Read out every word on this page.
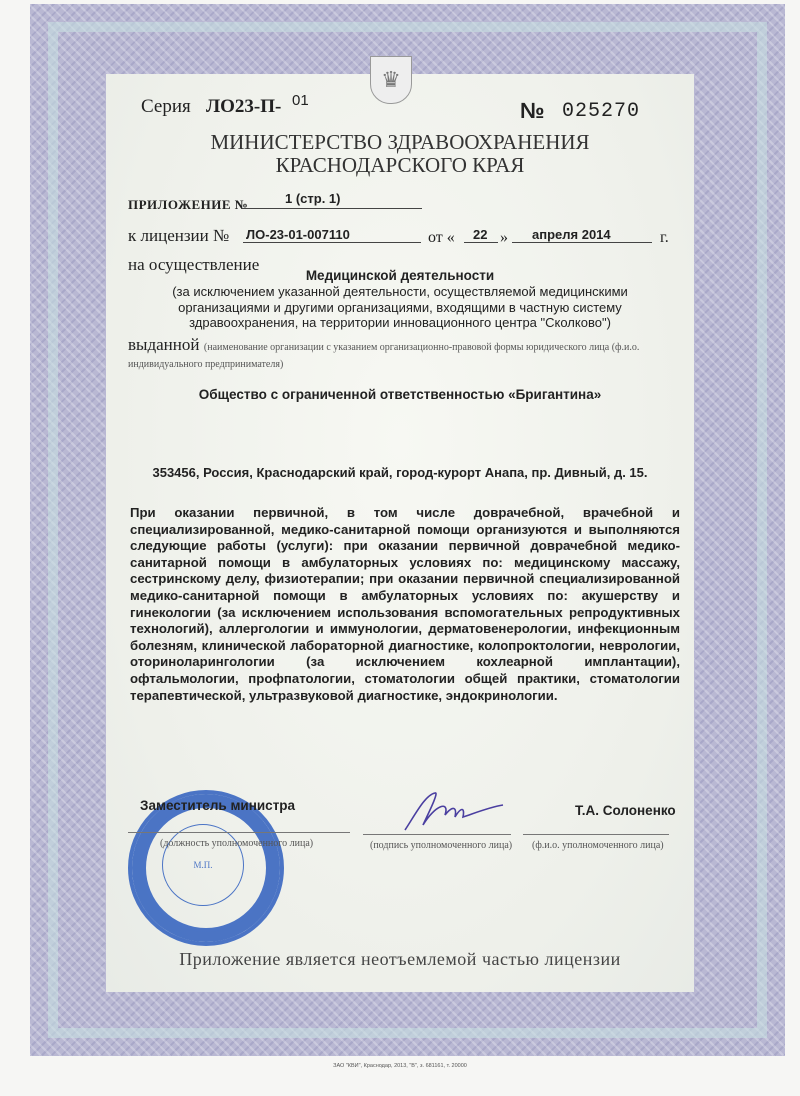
♛
Серия ЛО23-П- 01	№ 025270
МИНИСТЕРСТВО ЗДРАВООХРАНЕНИЯ
КРАСНОДАРСКОГО КРАЯ
ПРИЛОЖЕНИЕ №	1 (стр. 1)
к лицензии № ЛО-23-01-007110	от « 22 » апреля 2014	г.
на осуществление
Медицинской деятельности
(за исключением указанной деятельности, осуществляемой медицинскими организациями и другими организациями, входящими в частную систему здравоохранения, на территории инновационного центра "Сколково")
выданной (наименование организации с указанием организационно-правовой формы юридического лица (ф.и.о. индивидуального предпринимателя)
Общество с ограниченной ответственностью «Бригантина»
353456, Россия, Краснодарский край, город-курорт Анапа, пр. Дивный, д. 15.
При оказании первичной, в том числе доврачебной, врачебной и специализированной, медико-санитарной помощи организуются и выполняются следующие работы (услуги): при оказании первичной доврачебной медико-санитарной помощи в амбулаторных условиях по: медицинскому массажу, сестринскому делу, физиотерапии; при оказании первичной специализированной медико-санитарной помощи в амбулаторных условиях по: акушерству и гинекологии (за исключением использования вспомогательных репродуктивных технологий), аллергологии и иммунологии, дерматовенерологии, инфекционным болезням, клинической лабораторной диагностике, колопроктологии, неврологии, оториноларингологии (за исключением кохлеарной имплантации), офтальмологии, профпатологии, стоматологии общей практики, стоматологии терапевтической, ультразвуковой диагностике, эндокринологии.
М.П.
Заместитель министра
(должность уполномоченного лица)	(подпись уполномоченного лица)
Т.А. Солоненко
(ф.и.о. уполномоченного лица)
Приложение является неотъемлемой частью лицензии
ЗАО "КВИ", Краснодар, 2013, "В", з. 681161, т. 20000
